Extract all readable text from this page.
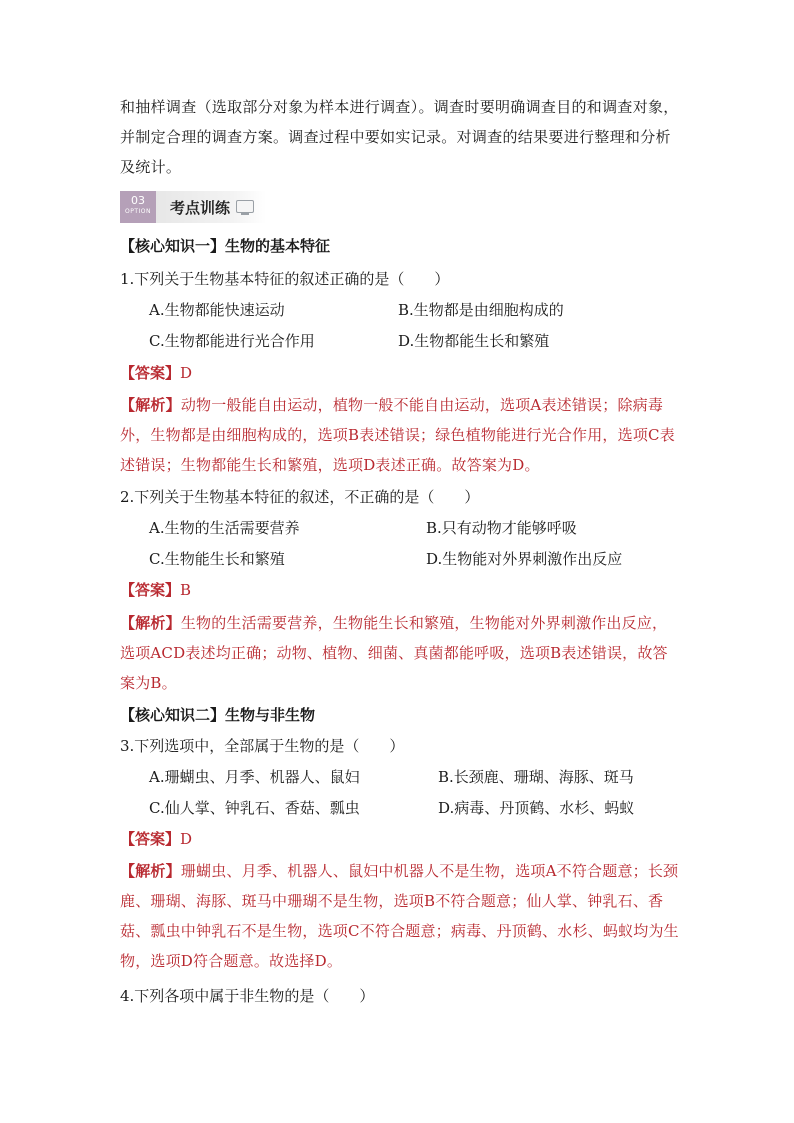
和抽样调查（选取部分对象为样本进行调查）。调查时要明确调查目的和调查对象，并制定合理的调查方案。调查过程中要如实记录。对调查的结果要进行整理和分析及统计。
03
OPTION	考点训练
【核心知识一】生物的基本特征
1.下列关于生物基本特征的叙述正确的是（　　）
A.生物都能快速运动	B.生物都是由细胞构成的
C.生物都能进行光合作用	D.生物都能生长和繁殖
【答案】D
【解析】动物一般能自由运动，植物一般不能自由运动，选项A表述错误；除病毒外，生物都是由细胞构成的，选项B表述错误；绿色植物能进行光合作用，选项C表述错误；生物都能生长和繁殖，选项D表述正确。故答案为D。
2.下列关于生物基本特征的叙述，不正确的是（　　）
A.生物的生活需要营养	B.只有动物才能够呼吸
C.生物能生长和繁殖	D.生物能对外界刺激作出反应
【答案】B
【解析】生物的生活需要营养，生物能生长和繁殖，生物能对外界刺激作出反应，选项ACD表述均正确；动物、植物、细菌、真菌都能呼吸，选项B表述错误，故答案为B。
【核心知识二】生物与非生物
3.下列选项中，全部属于生物的是（　　）
A.珊蝴虫、月季、机器人、鼠妇	B.长颈鹿、珊瑚、海豚、斑马
C.仙人掌、钟乳石、香菇、瓢虫	D.病毒、丹顶鹤、水杉、蚂蚁
【答案】D
【解析】珊蝴虫、月季、机器人、鼠妇中机器人不是生物，选项A不符合题意；长颈鹿、珊瑚、海豚、斑马中珊瑚不是生物，选项B不符合题意；仙人掌、钟乳石、香菇、瓢虫中钟乳石不是生物，选项C不符合题意；病毒、丹顶鹤、水杉、蚂蚁均为生物，选项D符合题意。故选择D。
4.下列各项中属于非生物的是（　　）
